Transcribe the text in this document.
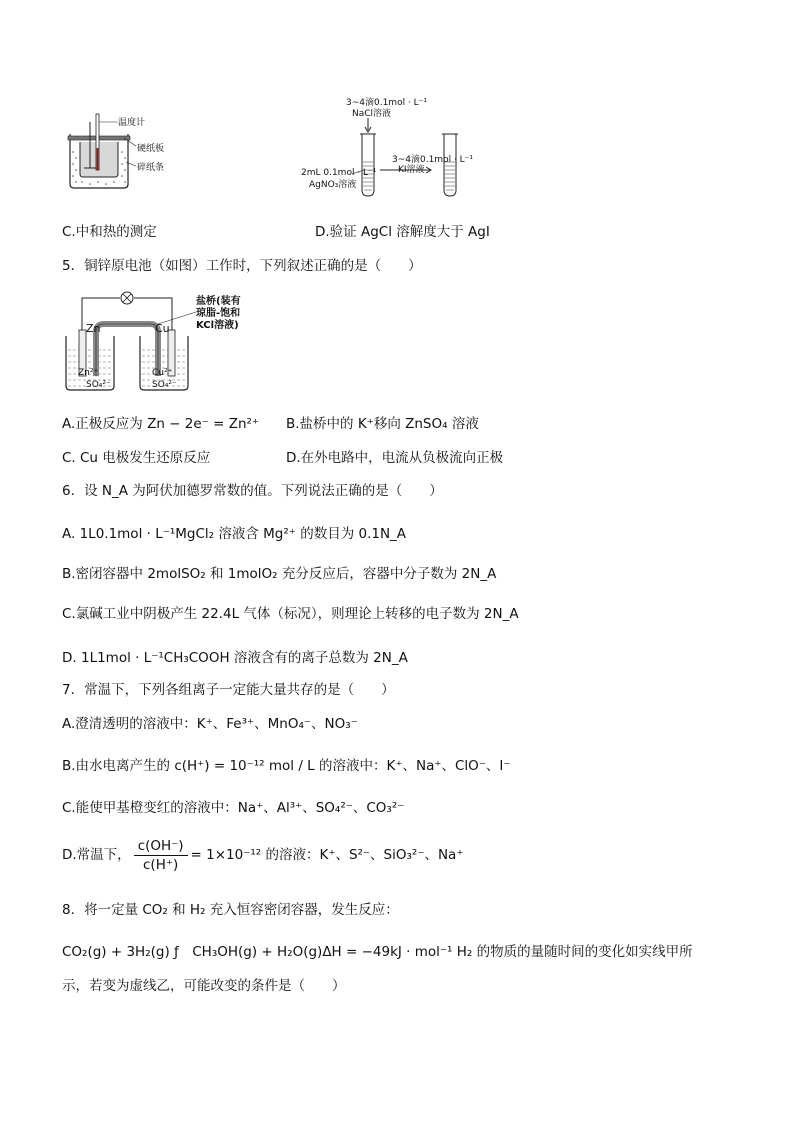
温度计
硬纸板
碎纸条
3~4滴0.1mol · L⁻¹
NaCl溶液
3~4滴0.1mol · L⁻¹
KI溶液
2mL 0.1mol · L⁻¹
AgNO₃溶液
C.中和热的测定	D.验证 AgCl 溶解度大于 AgI
5．铜锌原电池（如图）工作时，下列叙述正确的是（　　）
Zn	Cu
Zn²⁺	Cu²⁺
SO₄²⁻	SO₄²⁻
盐桥(装有
琼脂-饱和
KCl溶液)
A.正极反应为 Zn − 2e⁻ = Zn²⁺ B.盐桥中的 K⁺移向 ZnSO₄ 溶液
C. Cu 电极发生还原反应	D.在外电路中，电流从负极流向正极
6．设 N_A 为阿伏加德罗常数的值。下列说法正确的是（　　）
A. 1L0.1mol · L⁻¹MgCl₂ 溶液含 Mg²⁺ 的数目为 0.1N_A
B.密闭容器中 2molSO₂ 和 1molO₂ 充分反应后，容器中分子数为 2N_A
C.氯碱工业中阴极产生 22.4L 气体（标况），则理论上转移的电子数为 2N_A
D. 1L1mol · L⁻¹CH₃COOH 溶液含有的离子总数为 2N_A
7．常温下，下列各组离子一定能大量共存的是（　　）
A.澄清透明的溶液中：K⁺、Fe³⁺、MnO₄⁻、NO₃⁻
B.由水电离产生的 c(H⁺) = 10⁻¹² mol / L 的溶液中：K⁺、Na⁺、ClO⁻、I⁻
C.能使甲基橙变红的溶液中：Na⁺、Al³⁺、SO₄²⁻、CO₃²⁻
D.常温下， $\frac{c(OH^-)}{c(H^+)} = 1\times 10^{-12}$ 的溶液：K⁺、S²⁻、SiO₃²⁻、Na⁺
8．将一定量 CO₂ 和 H₂ 充入恒容密闭容器，发生反应：
CO₂(g) + 3H₂(g) ƒ　CH₃OH(g) + H₂O(g)ΔH = −49kJ · mol⁻¹ H₂ 的物质的量随时间的变化如实线甲所
示，若变为虚线乙，可能改变的条件是（　　）
